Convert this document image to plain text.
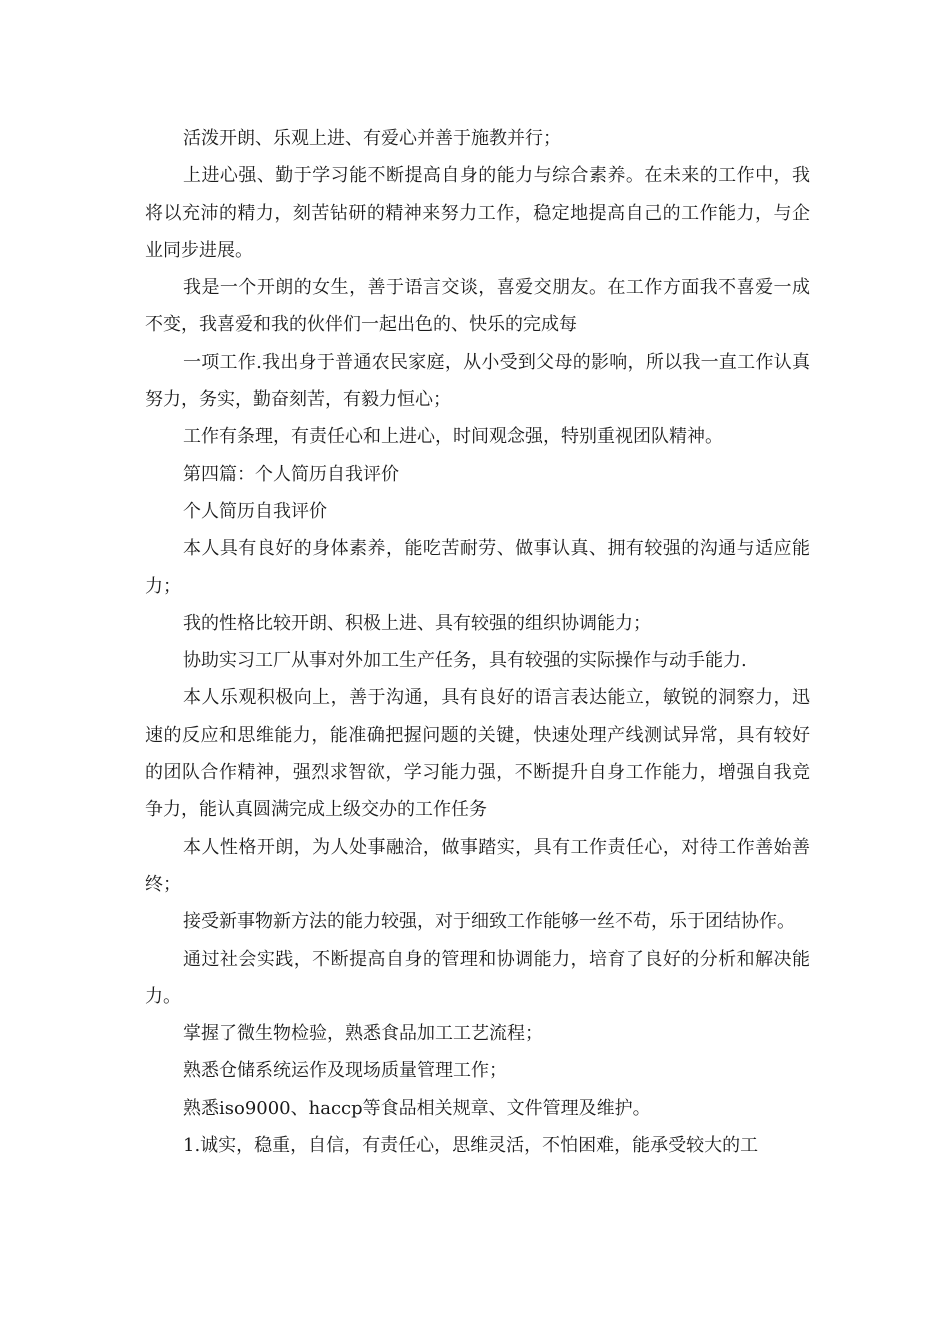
活泼开朗、乐观上进、有爱心并善于施教并行；

上进心强、勤于学习能不断提高自身的能力与综合素养。在未来的工作中，我将以充沛的精力，刻苦钻研的精神来努力工作，稳定地提高自己的工作能力，与企业同步进展。

我是一个开朗的女生，善于语言交谈，喜爱交朋友。在工作方面我不喜爱一成不变，我喜爱和我的伙伴们一起出色的、快乐的完成每

一项工作.我出身于普通农民家庭，从小受到父母的影响，所以我一直工作认真努力，务实，勤奋刻苦，有毅力恒心；

工作有条理，有责任心和上进心，时间观念强，特别重视团队精神。

第四篇：个人简历自我评价

个人简历自我评价

本人具有良好的身体素养，能吃苦耐劳、做事认真、拥有较强的沟通与适应能力；

我的性格比较开朗、积极上进、具有较强的组织协调能力；

协助实习工厂从事对外加工生产任务，具有较强的实际操作与动手能力.

本人乐观积极向上，善于沟通，具有良好的语言表达能立，敏锐的洞察力，迅速的反应和思维能力，能准确把握问题的关键，快速处理产线测试异常，具有较好的团队合作精神，强烈求智欲，学习能力强，不断提升自身工作能力，增强自我竞争力，能认真圆满完成上级交办的工作任务

本人性格开朗，为人处事融洽，做事踏实，具有工作责任心，对待工作善始善终；

接受新事物新方法的能力较强，对于细致工作能够一丝不苟，乐于团结协作。

通过社会实践，不断提高自身的管理和协调能力，培育了良好的分析和解决能力。

掌握了微生物检验，熟悉食品加工工艺流程；

熟悉仓储系统运作及现场质量管理工作；

熟悉iso9000、haccp等食品相关规章、文件管理及维护。

1.诚实，稳重，自信，有责任心，思维灵活，不怕困难，能承受较大的工
